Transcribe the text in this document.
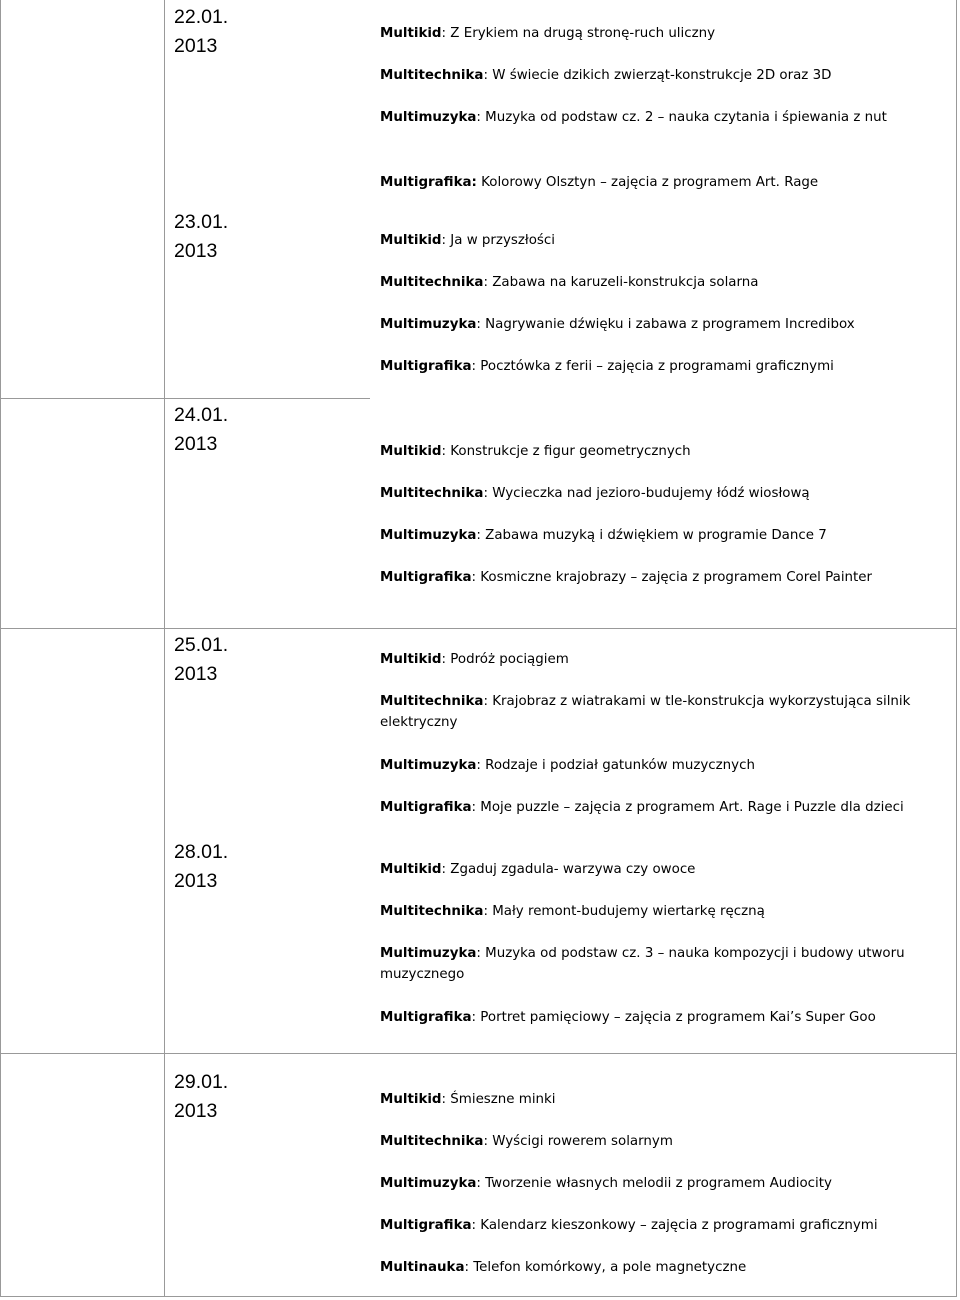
22.01.
2013
Multikid: Z Erykiem na drugą stronę-ruch uliczny
Multitechnika: W świecie dzikich zwierząt-konstrukcje 2D oraz 3D
Multimuzyka: Muzyka od podstaw cz. 2 – nauka czytania i śpiewania z nut
Multigrafika: Kolorowy Olsztyn – zajęcia z programem Art. Rage
23.01.
2013	Multikid: Ja w przyszłości
Multitechnika: Zabawa na karuzeli-konstrukcja solarna
Multimuzyka: Nagrywanie dźwięku i zabawa z programem Incredibox
Multigrafika: Pocztówka z ferii – zajęcia z programami graficznymi
24.01.
2013	Multikid: Konstrukcje z figur geometrycznych
Multitechnika: Wycieczka nad jezioro-budujemy łódź wiosłową
Multimuzyka: Zabawa muzyką i dźwiękiem w programie Dance 7
Multigrafika: Kosmiczne krajobrazy – zajęcia z programem Corel Painter
25.01.
2013
Multikid: Podróż pociągiem
Multitechnika: Krajobraz z wiatrakami w tle-konstrukcja wykorzystująca silnik elektryczny
Multimuzyka: Rodzaje i podział gatunków muzycznych
Multigrafika: Moje puzzle – zajęcia z programem Art. Rage i Puzzle dla dzieci
28.01.
2013
Multikid: Zgaduj zgadula- warzywa czy owoce
Multitechnika: Mały remont-budujemy wiertarkę ręczną
Multimuzyka: Muzyka od podstaw cz. 3 – nauka kompozycji i budowy utworu muzycznego
Multigrafika: Portret pamięciowy – zajęcia z programem Kai’s Super Goo
29.01.
2013
Multikid: Śmieszne minki
Multitechnika: Wyścigi rowerem solarnym
Multimuzyka: Tworzenie własnych melodii z programem Audiocity
Multigrafika: Kalendarz kieszonkowy – zajęcia z programami graficznymi
Multinauka: Telefon komórkowy, a pole magnetyczne
